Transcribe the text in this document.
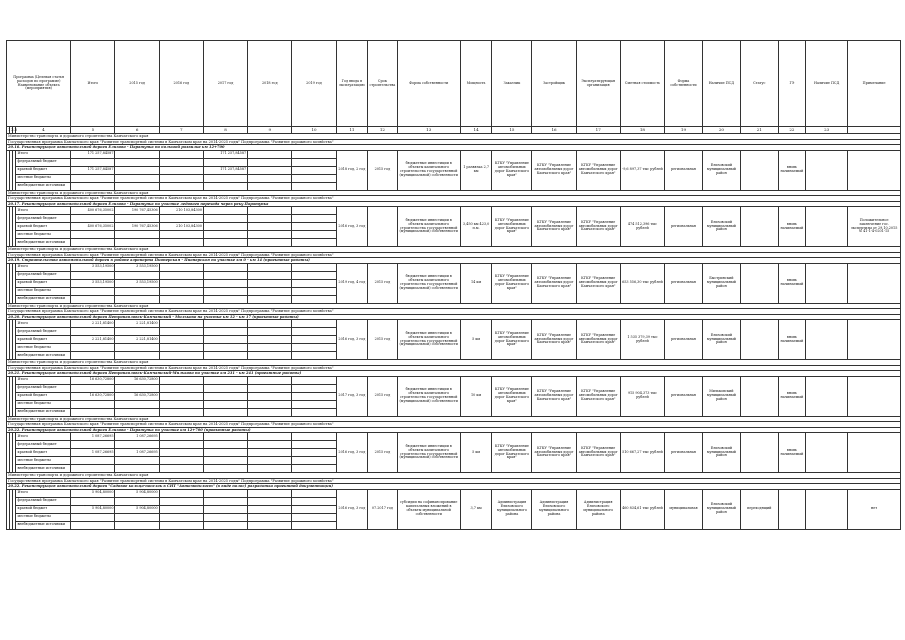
Программа (Целевая статья расходов по программе) Наименование объекта (мероприятия)				Итого	2015 год	2016 год	2017 год	2018 год	2019 год	Год ввода в эксплуатацию	Срок строительства	Форма собственности	Мощность	Заказчик	Застройщик	Эксплуатирующая организация	Сметная стоимость	Форма собственности	Наличие ПСД	Статус	ГЭ	Наличие ПСД	Примечание
1	2	3	4	5	6	7	8	9	10	11	12	13	14	15	16	17	18	19	20	21	22	23	
Министерство транспорта и дорожного строительства Камчатского края																							
Государственная программа Камчатского края "Развитие транспортной системы в Камчатском крае на 2014-2025 годы" Подпрограмма "Развитие дорожного хозяйства"																							
20.16. Реконструкция автомобильной дороги Елизово - Паратунка на большой развилке км 12+700																							
			Итого	171 257,84587			171 257,84587			2018 год, 2 год	2015 год	бюджетные инвестиции в объекты капитального строительства государственной (муниципальной) собственности	1 развязка 2,7 км	КГКУ "Управление автомобильных дорог Камчатского края"	КГКУ "Управление автомобильных дорог Камчатского края"	КГКУ "Управление автомобильных дорог Камчатского края"	-9,6 897,37 тыс рублей	региональная	Елизовский муниципальный район		вновь начинаемый		
			федеральный бюджет																				
			краевой бюджет	171 257,84587			171 257,84587																
			местные бюджеты																				
			внебюджетные источники																				
Министерство транспорта и дорожного строительства Камчатского края																							
Государственная программа Камчатского края "Развитие транспортной системы в Камчатском крае на 2014-2025 годы" Подпрограмма "Развитие дорожного хозяйства"																							
20.17. Реконструкция автомобильной дороги Елизово - Паратунка на участке ледового перехода через реку Паратунка																							
			Итого	400 676,35002	190 767,45306	210 103,84300				2016 год, 3 год		бюджетные инвестиции в объекты капитального строительства государственной (муниципальной) собственности	3,450 км 423,0 п.м.	КГКУ "Управление автомобильных дорог Камчатского края"	КГКУ "Управление автомобильных дорог Камчатского края"	КГКУ "Управление автомобильных дорог Камчатского края"	474 512,396 тыс рублей	региональная	Елизовский муниципальный район		вновь начинаемый		Положительное заключение гос. экспертизы от 29.10.2015 № 41-1-4-0201-15
			федеральный бюджет																				
			краевой бюджет	400 676,35002	190 767,45306	210 103,84300																	
			местные бюджеты																				
			внебюджетные источники																				
Министерство транспорта и дорожного строительства Камчатского края																							
Государственная программа Камчатского края "Развитие транспортной системы в Камчатском крае на 2014-2025 годы" Подпрограмма "Развитие дорожного хозяйства"																							
20.19. Строительство автомобильной дороги в районе аэропорта Пионерская - Пионерская на участке км 0 - км 14 (проектные работы)																							
			Итого	3 553,19500	3 553,19500					2019 год, 4 год	2015 год	бюджетные инвестиции в объекты капитального строительства государственной (муниципальной) собственности	14 км	КГКУ "Управление автомобильных дорог Камчатского края"	КГКУ "Управление автомобильных дорог Камчатского края"	КГКУ "Управление автомобильных дорог Камчатского края"	653 556,30 тыс рублей	региональная	Быстринский муниципальный район		вновь начинаемый		
			федеральный бюджет																				
			краевой бюджет	3 553,19500	3 553,19500																		
			местные бюджеты																				
			внебюджетные источники																				
Министерство транспорта и дорожного строительства Камчатского края																							
Государственная программа Камчатского края "Развитие транспортной системы в Камчатском крае на 2014-2025 годы" Подпрограмма "Развитие дорожного хозяйства"																							
20.20. Реконструкция автомобильной дороги Петропавловск-Камчатский - Мильково на участке км 12 - км 17 (проектные работы)																							
			Итого	2 221,81400	2 221,81400					2016 год, 3 год	2015 год	бюджетные инвестиции в объекты капитального строительства государственной (муниципальной) собственности	5 км	КГКУ "Управление автомобильных дорог Камчатского края"	КГКУ "Управление автомобильных дорог Камчатского края"	КГКУ "Управление автомобильных дорог Камчатского края"	1 535 379,39 тыс рублей	региональная	Елизовский муниципальный район		вновь начинаемый		
			федеральный бюджет																				
			краевой бюджет	2 221,81400	2 221,81400																		
			местные бюджеты																				
			внебюджетные источники																				
Министерство транспорта и дорожного строительства Камчатского края																							
Государственная программа Камчатского края "Развитие транспортной системы в Камчатском крае на 2014-2025 годы" Подпрограмма "Развитие дорожного хозяйства"																							
20.21. Реконструкция автомобильной дороги Петропавловск-Камчатский-Мильково на участке км 231 - км 241 (проектные работы)																							
			Итого	16 630,72800	16 630,72800					2017 год, 3 год	2015 год	бюджетные инвестиции в объекты капитального строительства государственной (муниципальной) собственности	10 км	КГКУ "Управление автомобильных дорог Камчатского края"	КГКУ "Управление автомобильных дорог Камчатского края"	КГКУ "Управление автомобильных дорог Камчатского края"	915 904,373 тыс рублей	региональная	Мильковский муниципальный район		вновь начинаемый		
			федеральный бюджет																				
			краевой бюджет	16 630,72800	16 630,72800																		
			местные бюджеты																				
			внебюджетные источники																				
Министерство транспорта и дорожного строительства Камчатского края																							
Государственная программа Камчатского края "Развитие транспортной системы в Камчатском крае на 2014-2025 годы" Подпрограмма "Развитие дорожного хозяйства"																							
20.22. Реконструкция автомобильной дороги Елизово - Паратунка на участке км 12+700 (проектные работы)																							
			Итого	1 087,26695	1 087,26695					2016 год, 3 год	2015 год	бюджетные инвестиции в объекты капитального строительства государственной (муниципальной) собственности	5 км	КГКУ "Управление автомобильных дорог Камчатского края"	КГКУ "Управление автомобильных дорог Камчатского края"	КГКУ "Управление автомобильных дорог Камчатского края"	510 667,27 тыс рублей	региональная	Елизовский муниципальный район		вновь начинаемый		
			федеральный бюджет																				
			краевой бюджет	1 087,26695	1 087,26695																		
			местные бюджеты																				
			внебюджетные источники																				
Министерство транспорта и дорожного строительства Камчатского края																							
Государственная программа Камчатского края "Развитие транспортной системы в Камчатском крае на 2014-2025 годы" Подпрограмма "Развитие дорожного хозяйства"																							
20.22. Реконструкция автомобильной дороги "Садовое кольцо-поселок в СНТ "Автомобилист" (в виде полос) разработка проектной документации)																							
			Итого	5 904,80000	5 904,80000					2016 год, 3 год	07.2017 год	субсидии на софинансирование капитальных вложений в объекты муниципальной собственности	3,7 км	Администрация Елизовского муниципального района	Администрация Елизовского муниципального района	Администрация Елизовского муниципального района	460 834,61 тыс рублей	муниципальная	Елизовский муниципальный район	переходящий			нет
			федеральный бюджет																				
			краевой бюджет	5 904,80000	5 904,80000																		
			местные бюджеты																				
			внебюджетные источники																				
